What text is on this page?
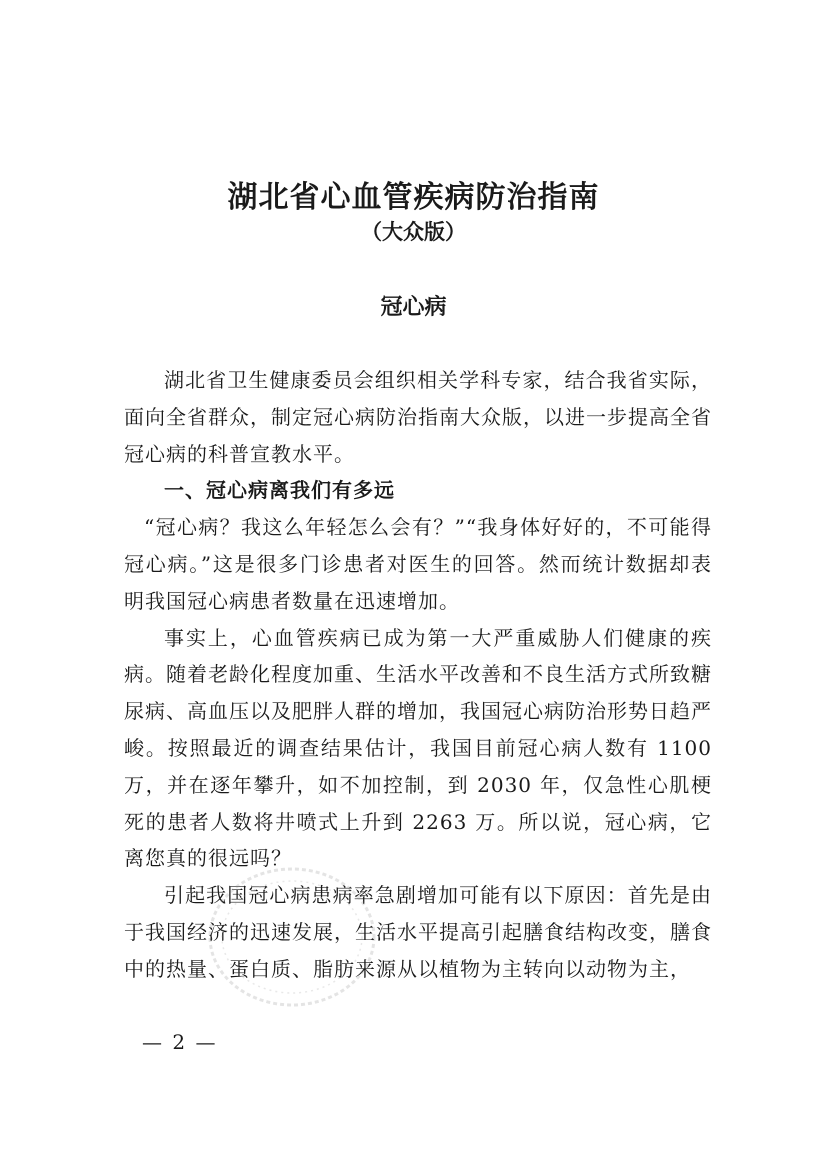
湖北省心血管疾病防治指南
（大众版）
冠心病

湖北省卫生健康委员会组织相关学科专家，结合我省实际，面向全省群众，制定冠心病防治指南大众版，以进一步提高全省冠心病的科普宣教水平。

一、冠心病离我们有多远

“冠心病？我这么年轻怎么会有？”“我身体好好的，不可能得冠心病。”这是很多门诊患者对医生的回答。然而统计数据却表明我国冠心病患者数量在迅速增加。

事实上，心血管疾病已成为第一大严重威胁人们健康的疾病。随着老龄化程度加重、生活水平改善和不良生活方式所致糖尿病、高血压以及肥胖人群的增加，我国冠心病防治形势日趋严峻。按照最近的调查结果估计，我国目前冠心病人数有 1100 万，并在逐年攀升，如不加控制，到 2030 年，仅急性心肌梗死的患者人数将井喷式上升到 2263 万。所以说，冠心病，它离您真的很远吗？

引起我国冠心病患病率急剧增加可能有以下原因：首先是由于我国经济的迅速发展，生活水平提高引起膳食结构改变，膳食中的热量、蛋白质、脂肪来源从以植物为主转向以动物为主，

— 2 —
